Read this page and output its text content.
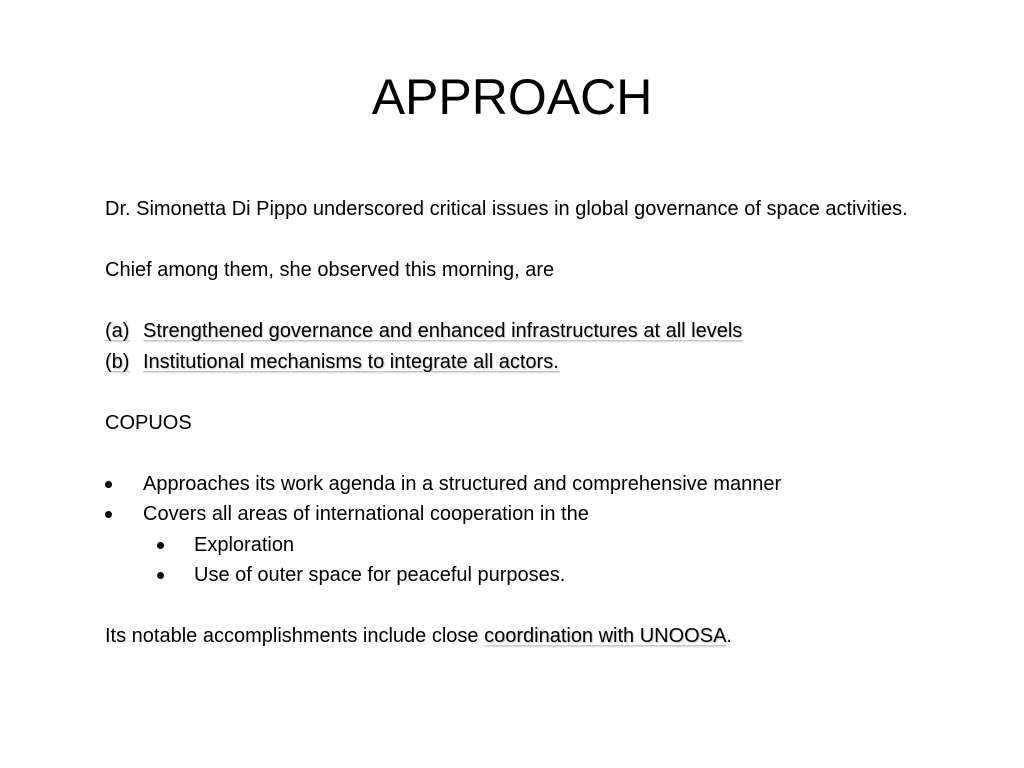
APPROACH

Dr. Simonetta Di Pippo underscored critical issues in global governance of space activities.

Chief among them, she observed this morning, are

(a) Strengthened governance and enhanced infrastructures at all levels
(b) Institutional mechanisms to integrate all actors.

COPUOS

Approaches its work agenda in a structured and comprehensive manner
Covers all areas of international cooperation in the
Exploration
Use of outer space for peaceful purposes.

Its notable accomplishments include close coordination with UNOOSA.
